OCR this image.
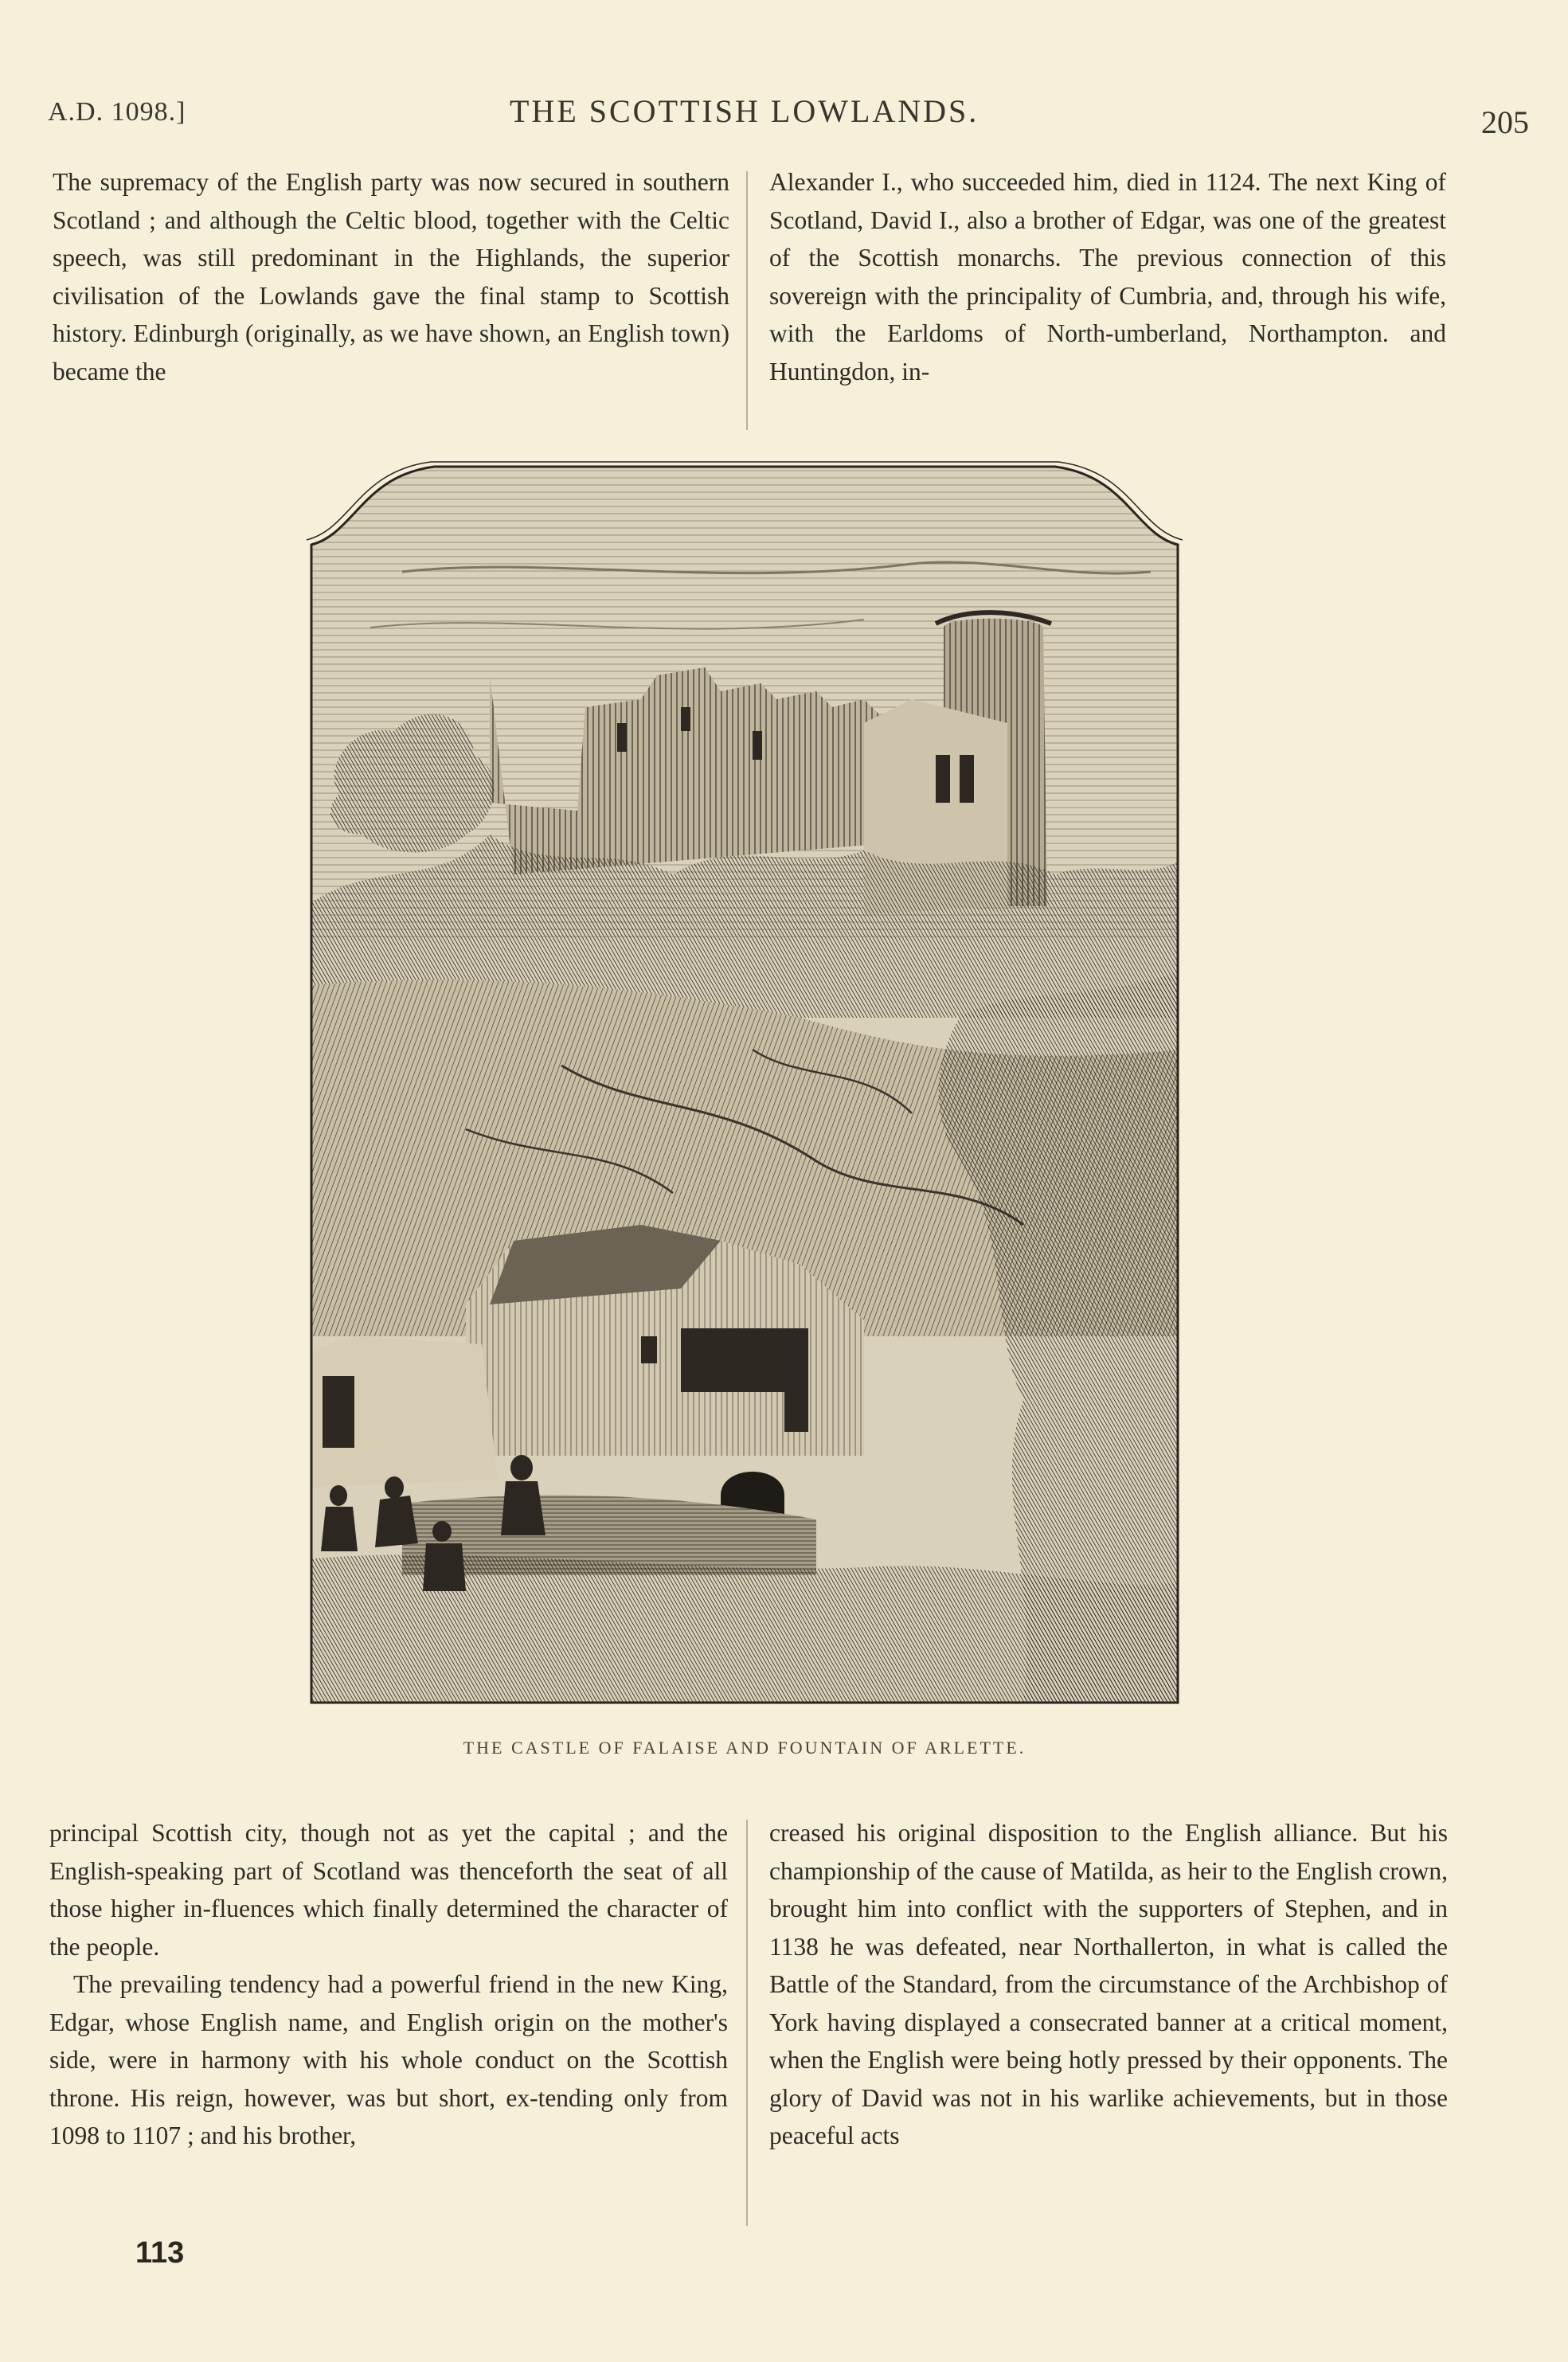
A.D. 1098.]	THE SCOTTISH LOWLANDS.	205

The supremacy of the English party was now secured in southern Scotland ; and although the Celtic blood, together with the Celtic speech, was still predominant in the Highlands, the superior civilisation of the Lowlands gave the final stamp to Scottish history. Edinburgh (originally, as we have shown, an English town) became the

Alexander I., who succeeded him, died in 1124. The next King of Scotland, David I., also a brother of Edgar, was one of the greatest of the Scottish monarchs. The previous connection of this sovereign with the principality of Cumbria, and, through his wife, with the Earldoms of North-umberland, Northampton. and Huntingdon, in-

THE CASTLE OF FALAISE AND FOUNTAIN OF ARLETTE.

principal Scottish city, though not as yet the capital ; and the English-speaking part of Scotland was thenceforth the seat of all those higher in-fluences which finally determined the character of the people.

The prevailing tendency had a powerful friend in the new King, Edgar, whose English name, and English origin on the mother's side, were in harmony with his whole conduct on the Scottish throne. His reign, however, was but short, ex-tending only from 1098 to 1107 ; and his brother,

creased his original disposition to the English alliance. But his championship of the cause of Matilda, as heir to the English crown, brought him into conflict with the supporters of Stephen, and in 1138 he was defeated, near Northallerton, in what is called the Battle of the Standard, from the circumstance of the Archbishop of York having displayed a consecrated banner at a critical moment, when the English were being hotly pressed by their opponents. The glory of David was not in his warlike achievements, but in those peaceful acts

113
